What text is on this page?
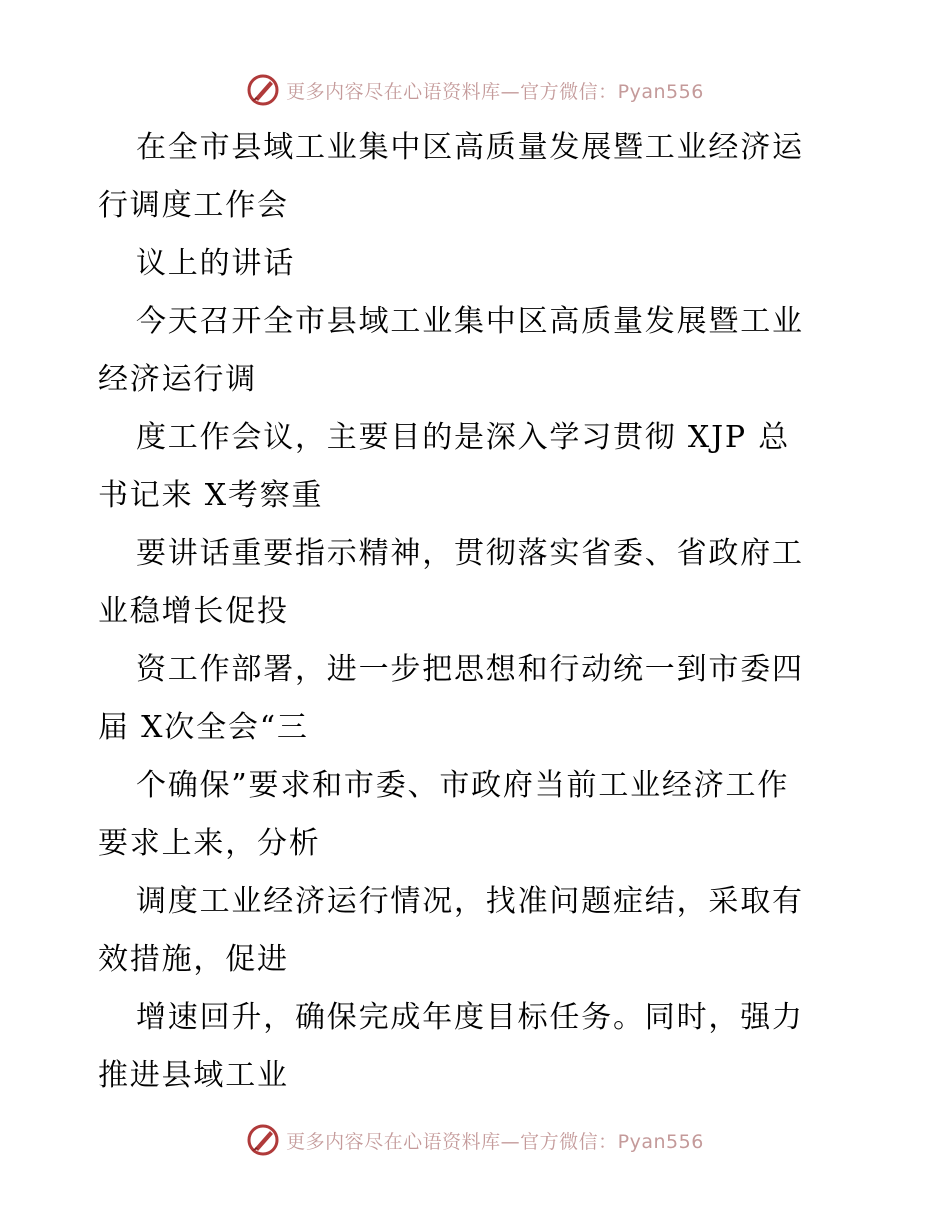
更多内容尽在心语资料库—官方微信：Pyan556
在全市县域工业集中区高质量发展暨工业经济运
行调度工作会
议上的讲话
今天召开全市县域工业集中区高质量发展暨工业
经济运行调
度工作会议，主要目的是深入学习贯彻 XJP 总
书记来 X考察重
要讲话重要指示精神，贯彻落实省委、省政府工
业稳增长促投
资工作部署，进一步把思想和行动统一到市委四
届 X次全会“三
个确保”要求和市委、市政府当前工业经济工作
要求上来，分析
调度工业经济运行情况，找准问题症结，采取有
效措施，促进
增速回升，确保完成年度目标任务。同时，强力
推进县域工业
更多内容尽在心语资料库—官方微信：Pyan556
